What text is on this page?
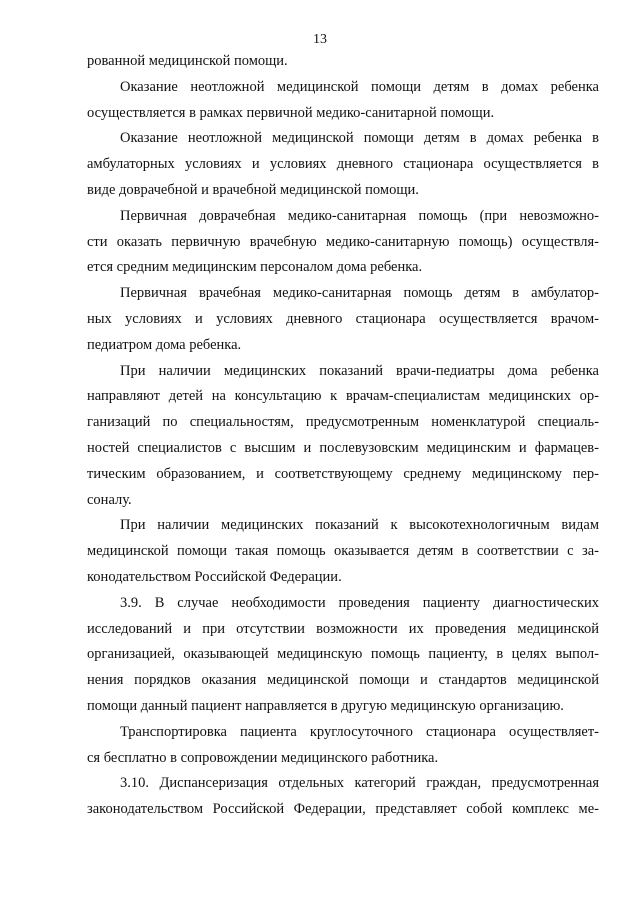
13
рованной медицинской помощи.
Оказание неотложной медицинской помощи детям в домах ребенка
осуществляется в рамках первичной медико-санитарной помощи.
Оказание неотложной медицинской помощи детям в домах ребенка в
амбулаторных условиях и условиях дневного стационара осуществляется в
виде доврачебной и врачебной медицинской помощи.
Первичная доврачебная медико-санитарная помощь (при невозможно-
сти оказать первичную врачебную медико-санитарную помощь) осуществля-
ется средним медицинским персоналом дома ребенка.
Первичная врачебная медико-санитарная помощь детям в амбулатор-
ных условиях и условиях дневного стационара осуществляется врачом-
педиатром дома ребенка.
При наличии медицинских показаний врачи-педиатры дома ребенка
направляют детей на консультацию к врачам-специалистам медицинских ор-
ганизаций по специальностям, предусмотренным номенклатурой специаль-
ностей специалистов с высшим и послевузовским медицинским и фармацев-
тическим образованием, и соответствующему среднему медицинскому пер-
соналу.
При наличии медицинских показаний к высокотехнологичным видам
медицинской помощи такая помощь оказывается детям в соответствии с за-
конодательством Российской Федерации.
3.9. В случае необходимости проведения пациенту диагностических
исследований и при отсутствии возможности их проведения медицинской
организацией, оказывающей медицинскую помощь пациенту, в целях выпол-
нения порядков оказания медицинской помощи и стандартов медицинской
помощи данный пациент направляется в другую медицинскую организацию.
Транспортировка пациента круглосуточного стационара осуществляет-
ся бесплатно в сопровождении медицинского работника.
3.10. Диспансеризация отдельных категорий граждан, предусмотренная
законодательством Российской Федерации, представляет собой комплекс ме-
